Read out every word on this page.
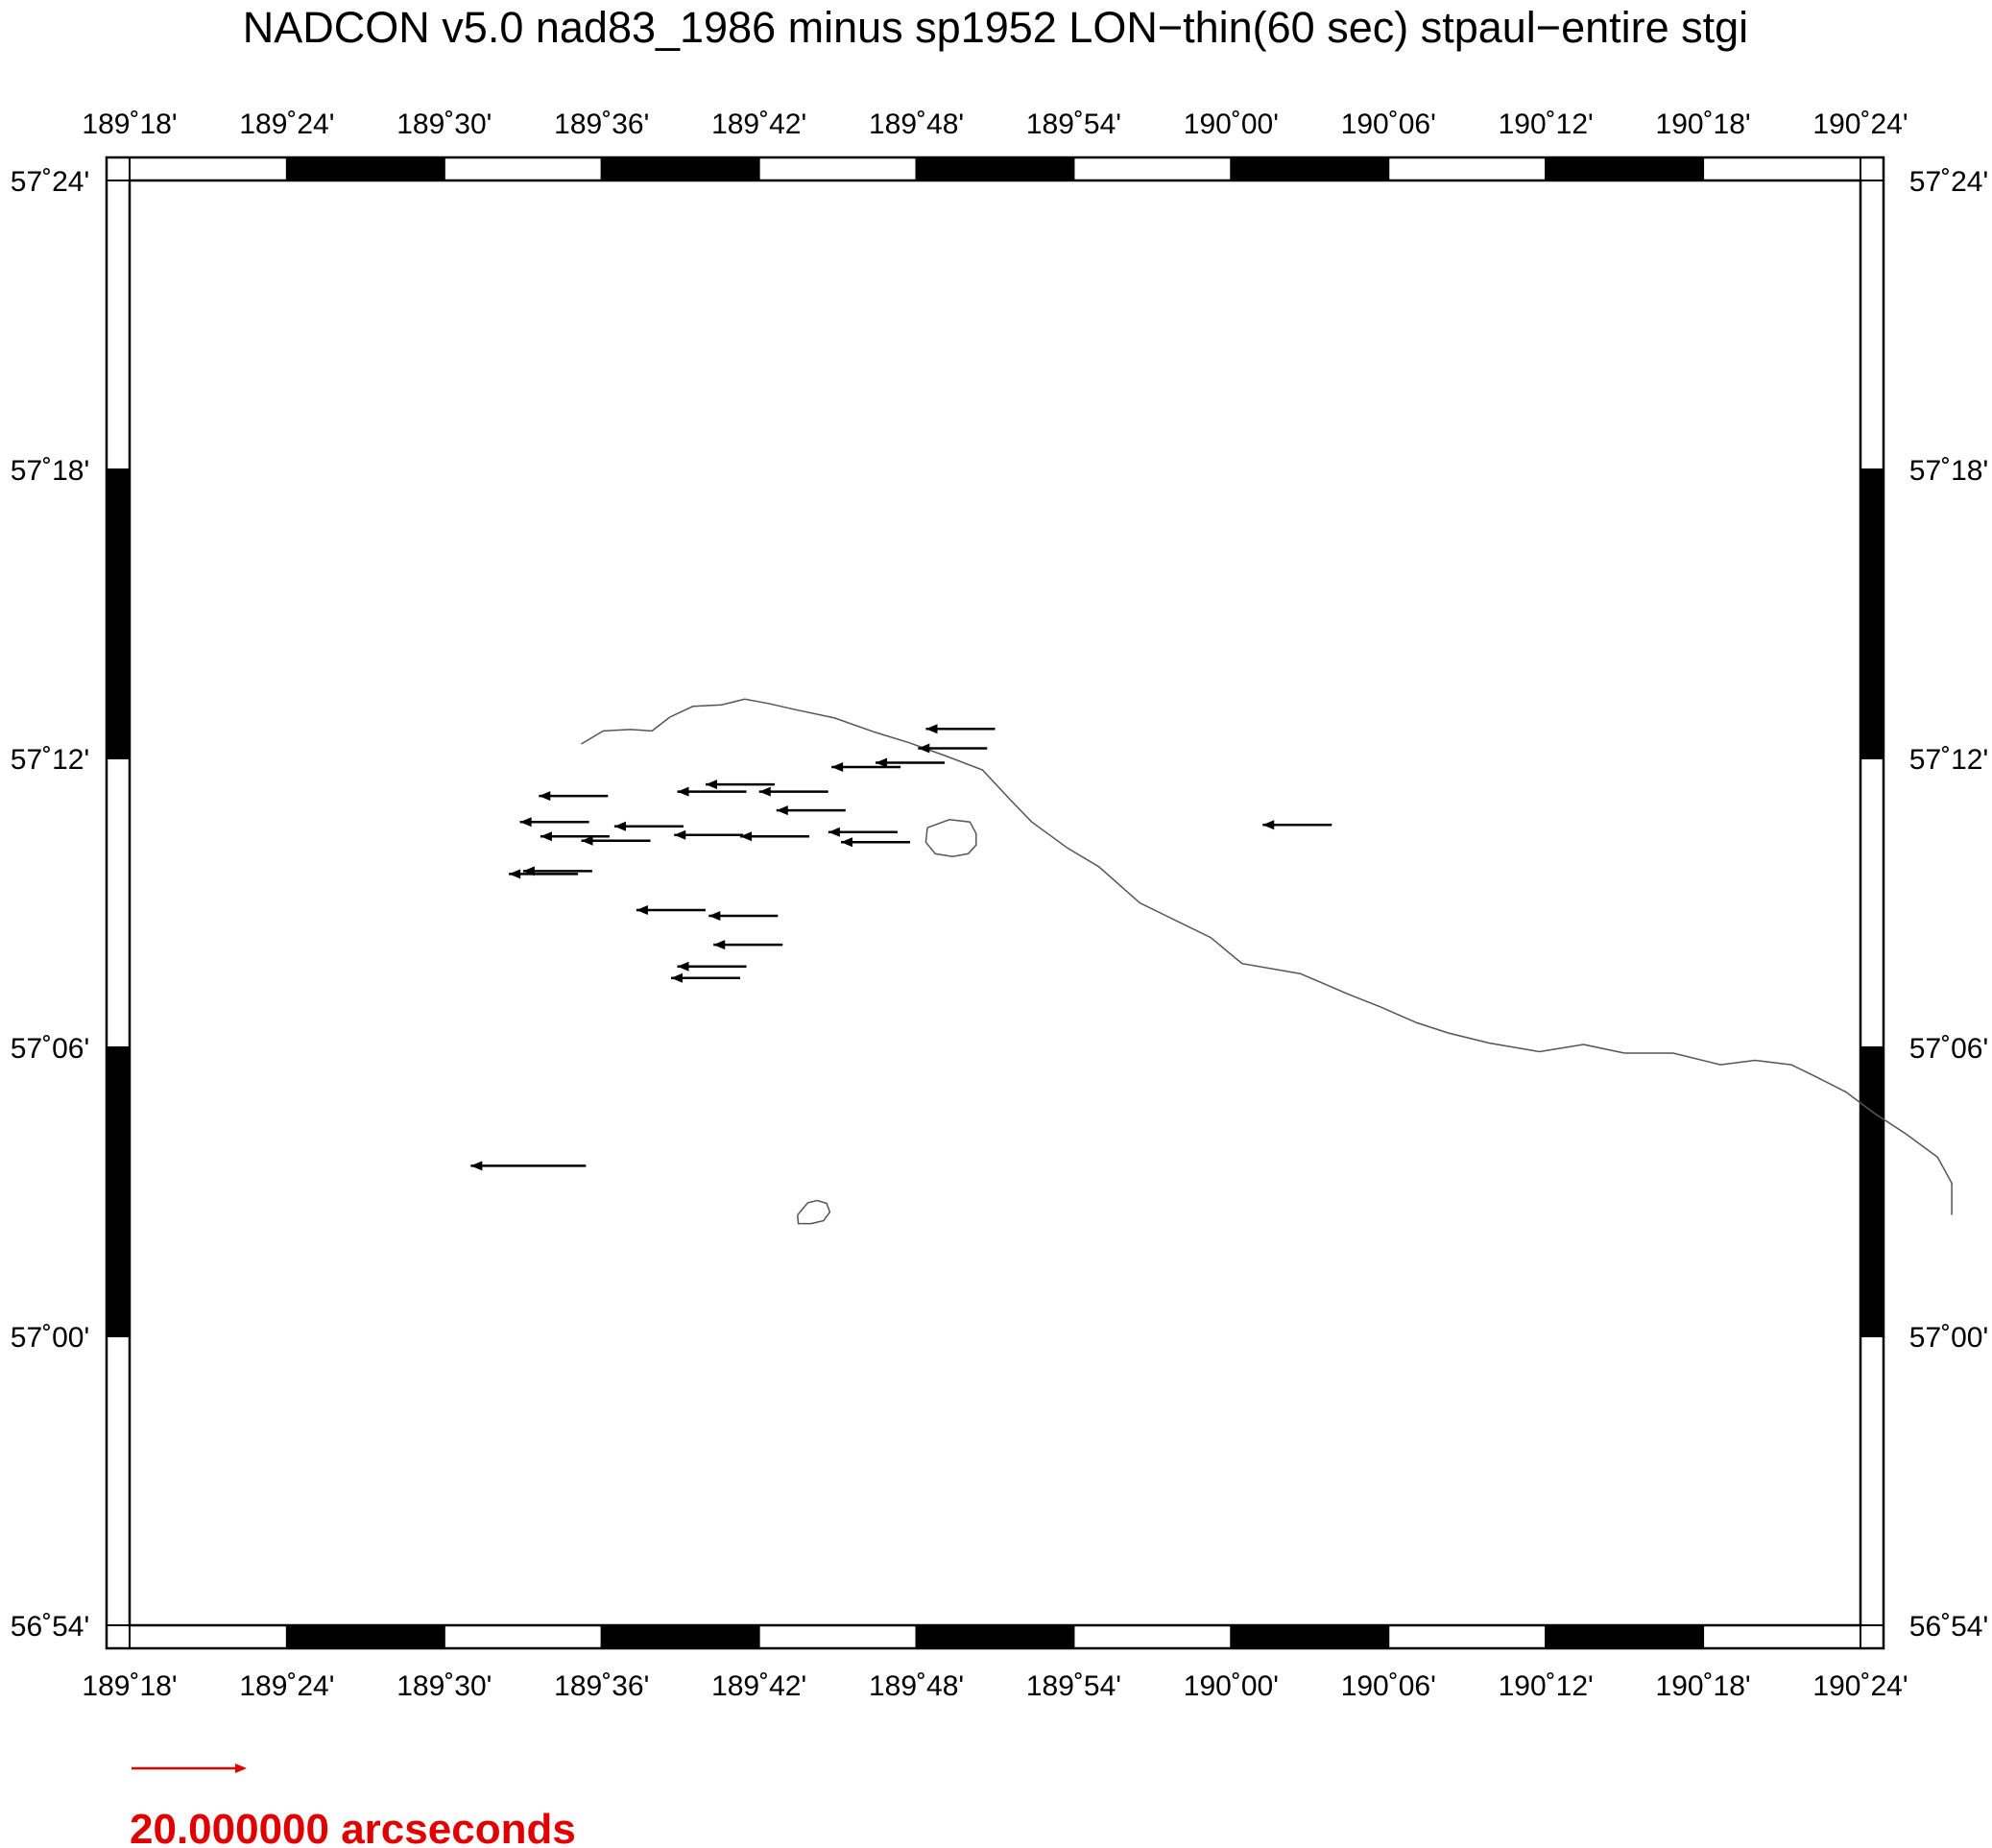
NADCON v5.0 nad83_1986 minus sp1952 LON−thin(60 sec) stpaul−entire stgi
189˚18' 189˚24' 189˚30' 189˚36' 189˚42' 189˚48' 189˚54' 190˚00' 190˚06' 190˚12' 190˚18' 190˚24'
189˚18' 189˚24' 189˚30' 189˚36' 189˚42' 189˚48' 189˚54' 190˚00' 190˚06' 190˚12' 190˚18' 190˚24'
57˚24'
57˚18'
57˚12'
57˚06'
57˚00'
56˚54'
57˚24'
57˚18'
57˚12'
57˚06'
57˚00'
56˚54'
20.000000 arcseconds
